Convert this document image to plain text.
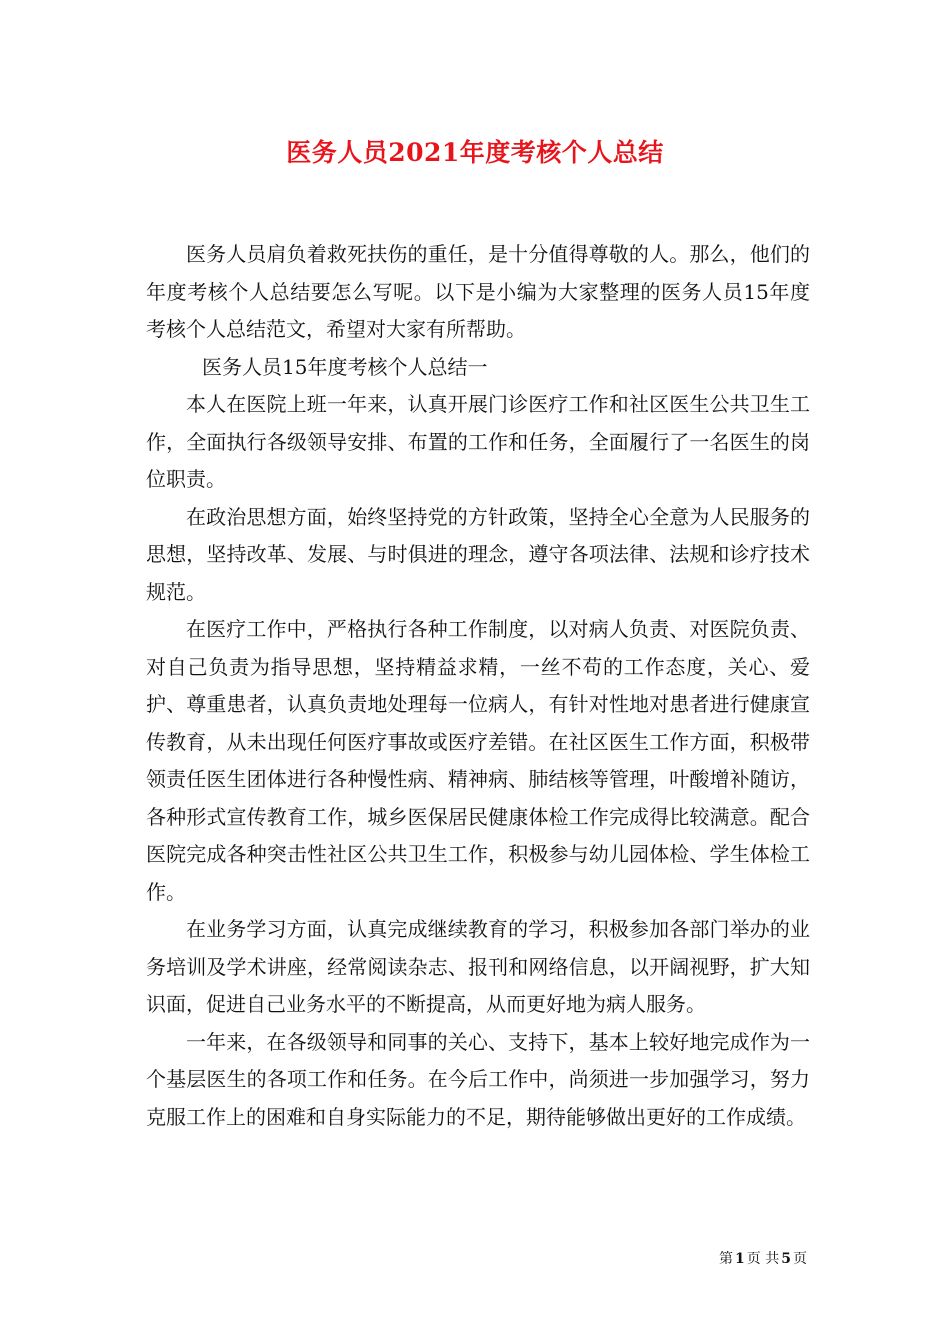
医务人员2021年度考核个人总结

医务人员肩负着救死扶伤的重任，是十分值得尊敬的人。那么，他们的年度考核个人总结要怎么写呢。以下是小编为大家整理的医务人员15年度考核个人总结范文，希望对大家有所帮助。

医务人员15年度考核个人总结一

本人在医院上班一年来，认真开展门诊医疗工作和社区医生公共卫生工作，全面执行各级领导安排、布置的工作和任务，全面履行了一名医生的岗位职责。

在政治思想方面，始终坚持党的方针政策，坚持全心全意为人民服务的思想，坚持改革、发展、与时俱进的理念，遵守各项法律、法规和诊疗技术规范。

在医疗工作中，严格执行各种工作制度，以对病人负责、对医院负责、对自己负责为指导思想，坚持精益求精，一丝不苟的工作态度，关心、爱护、尊重患者，认真负责地处理每一位病人，有针对性地对患者进行健康宣传教育，从未出现任何医疗事故或医疗差错。在社区医生工作方面，积极带领责任医生团体进行各种慢性病、精神病、肺结核等管理，叶酸增补随访，各种形式宣传教育工作，城乡医保居民健康体检工作完成得比较满意。配合医院完成各种突击性社区公共卫生工作，积极参与幼儿园体检、学生体检工作。

在业务学习方面，认真完成继续教育的学习，积极参加各部门举办的业务培训及学术讲座，经常阅读杂志、报刊和网络信息，以开阔视野，扩大知识面，促进自己业务水平的不断提高，从而更好地为病人服务。

一年来，在各级领导和同事的关心、支持下，基本上较好地完成作为一个基层医生的各项工作和任务。在今后工作中，尚须进一步加强学习，努力克服工作上的困难和自身实际能力的不足，期待能够做出更好的工作成绩。

第 1 页 共 5 页
